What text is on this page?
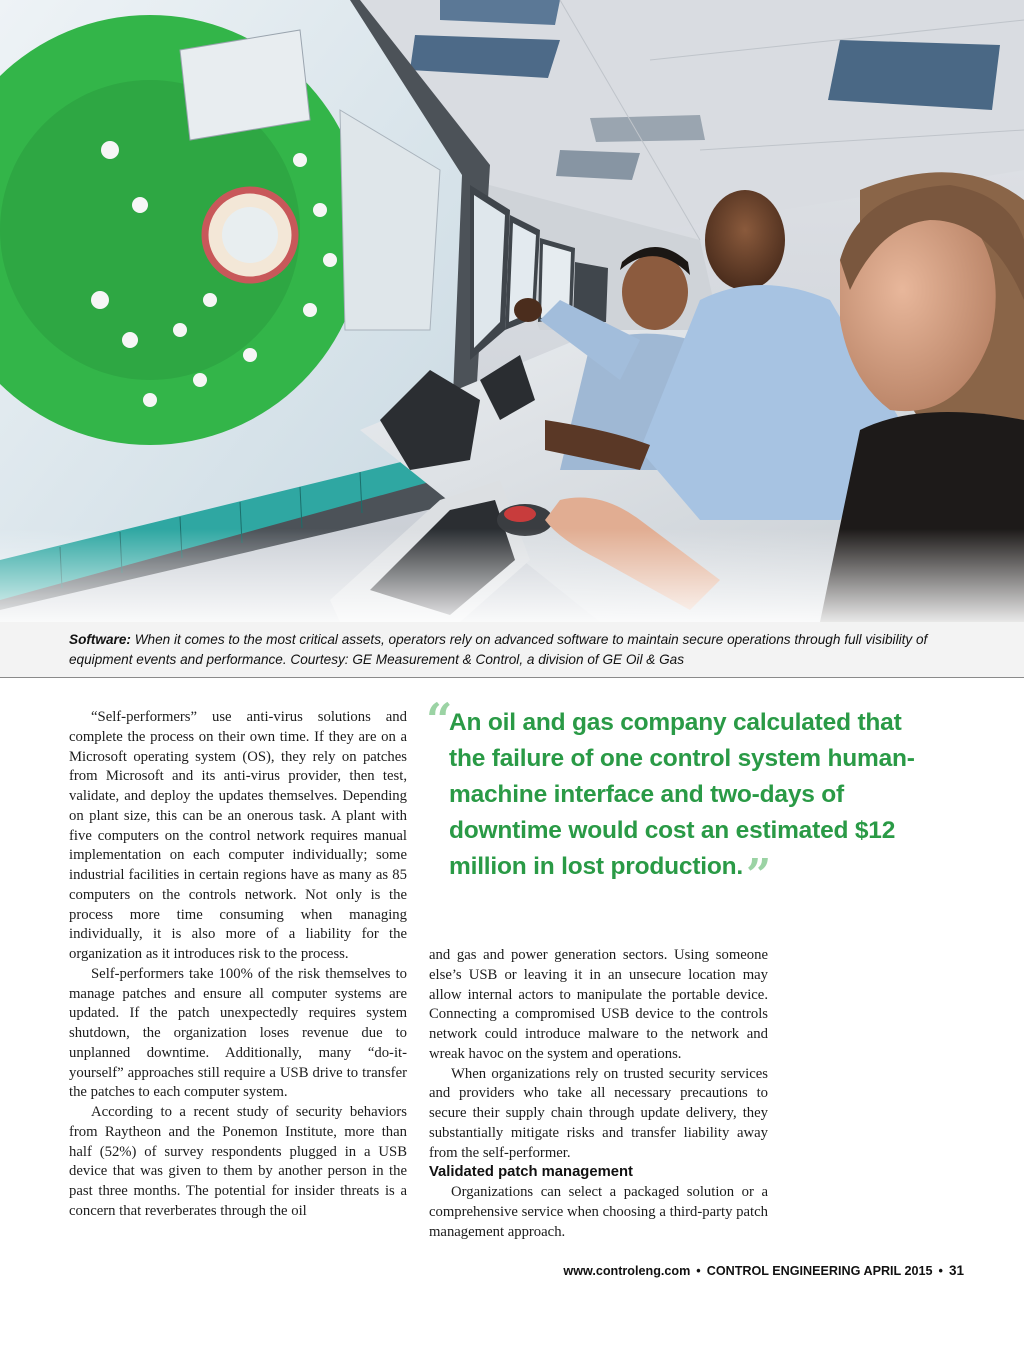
Software: When it comes to the most critical assets, operators rely on advanced software to maintain secure operations through full visibility of equipment events and performance. Courtesy: GE Measurement & Control, a division of GE Oil & Gas

“Self-performers” use anti-virus solutions and complete the process on their own time. If they are on a Microsoft operating system (OS), they rely on patches from Microsoft and its anti-virus provider, then test, validate, and deploy the updates themselves. Depending on plant size, this can be an onerous task. A plant with five computers on the control network requires manual implementation on each computer individually; some industrial facilities in certain regions have as many as 85 computers on the controls network. Not only is the process more time consuming when managing individually, it is also more of a liability for the organization as it introduces risk to the process.

Self-performers take 100% of the risk themselves to manage patches and ensure all computer systems are updated. If the patch unexpectedly requires system shutdown, the organization loses revenue due to unplanned downtime. Additionally, many “do-it-yourself” approaches still require a USB drive to transfer the patches to each computer system.

According to a recent study of security behaviors from Raytheon and the Ponemon Institute, more than half (52%) of survey respondents plugged in a USB device that was given to them by another person in the past three months. The potential for insider threats is a concern that reverberates through the oil

“
An oil and gas company calculated that the failure of one control system human-machine interface and two-days of downtime would cost an estimated $12 million in lost production.”

and gas and power generation sectors. Using someone else’s USB or leaving it in an unsecure location may allow internal actors to manipulate the portable device. Connecting a compromised USB device to the controls network could introduce malware to the network and wreak havoc on the system and operations.

When organizations rely on trusted security services and providers who take all necessary precautions to secure their supply chain through update delivery, they substantially mitigate risks and transfer liability away from the self-performer.

Validated patch management

Organizations can select a packaged solution or a comprehensive service when choosing a third-party patch management approach.

www.controleng.com • CONTROL ENGINEERING APRIL 2015 • 31
